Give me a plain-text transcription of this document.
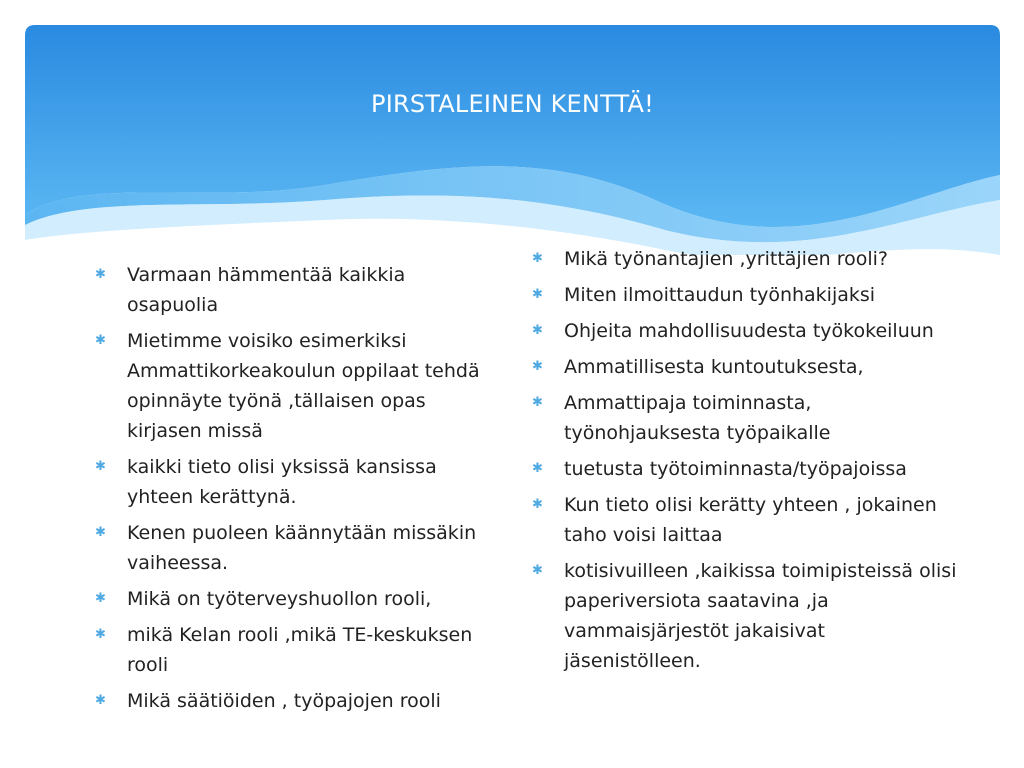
PIRSTALEINEN KENTTÄ!
✱ Varmaan hämmentää kaikkia osapuolia
✱ Mietimme voisiko esimerkiksi Ammattikorkeakoulun oppilaat tehdä opinnäyte työnä ,tällaisen opas kirjasen missä
✱ kaikki tieto olisi yksissä kansissa yhteen kerättynä.
✱ Kenen puoleen käännytään missäkin vaiheessa.
✱ Mikä on työterveyshuollon rooli,
✱ mikä Kelan rooli ,mikä TE-keskuksen rooli
✱ Mikä säätiöiden , työpajojen rooli
✱ Mikä työnantajien ,yrittäjien rooli?
✱ Miten ilmoittaudun työnhakijaksi
✱ Ohjeita mahdollisuudesta työkokeiluun
✱ Ammatillisesta kuntoutuksesta,
✱ Ammattipaja toiminnasta, työnohjauksesta työpaikalle
✱ tuetusta työtoiminnasta/työpajoissa
✱ Kun tieto olisi kerätty yhteen , jokainen taho voisi laittaa
✱ kotisivuilleen ,kaikissa toimipisteissä olisi paperiversiota saatavina ,ja vammaisjärjestöt jakaisivat jäsenistölleen.
